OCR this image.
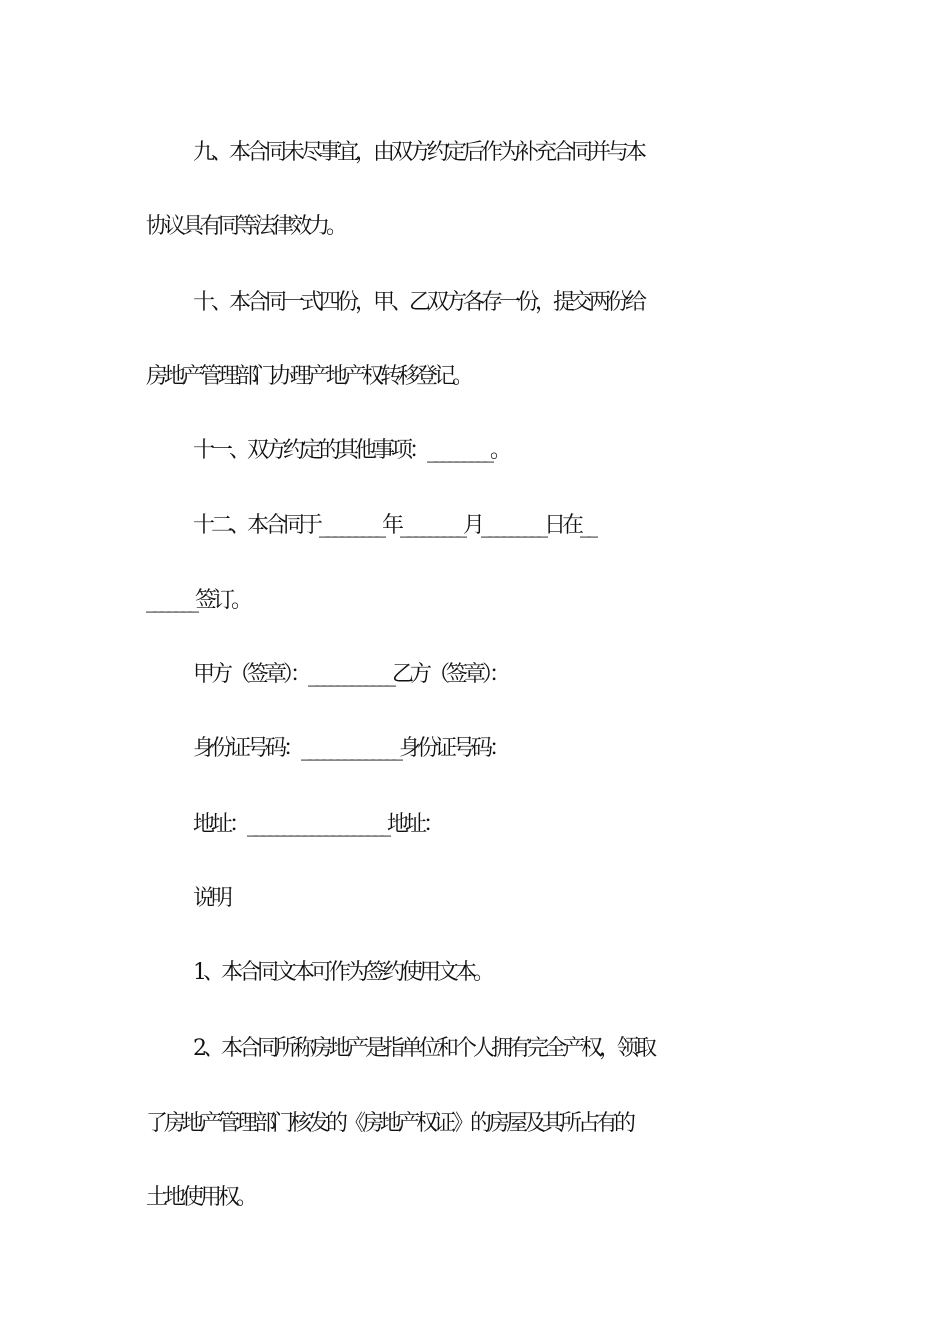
九、本合同未尽事宜，由双方约定后作为补充合同并与本
协议具有同等法律效力。
十、本合同一式四份，甲、乙双方各存一份，提交两份给
房地产管理部门办理产地产权转移登记。
十一、双方约定的其他事项：_________。
十二、本合同于_________年_________月_________日在__
_______签订。
甲方（签章）：____________乙方（签章）：
身份证号码：______________身份证号码：
地址：____________________地址：
说明
1、本合同文本可作为签约使用文本。
2、本合同所称房地产是指单位和个人拥有完全产权，领取
了房地产管理部门核发的《房地产权证》的房屋及其所占有的
土地使用权。
